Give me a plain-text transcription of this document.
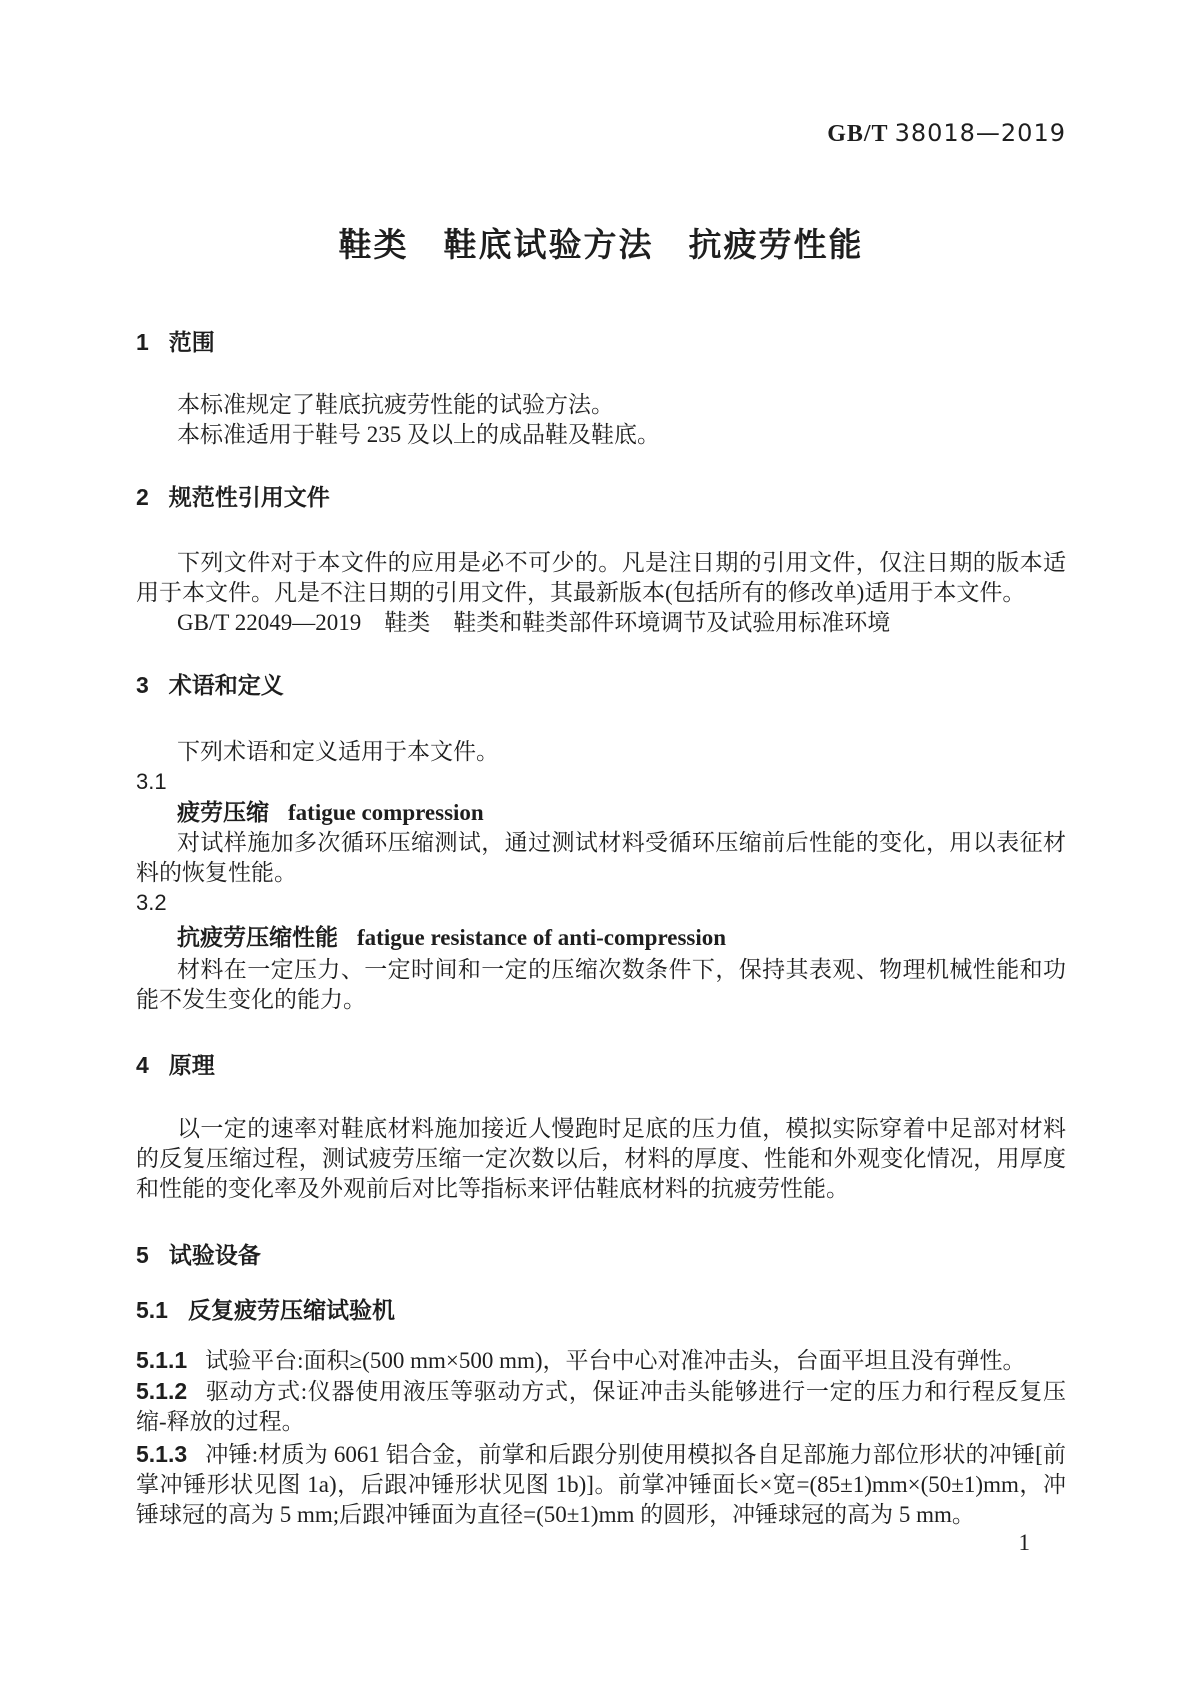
GB/T 38018—2019
鞋类　鞋底试验方法　抗疲劳性能
1 范围

本标准规定了鞋底抗疲劳性能的试验方法。

本标准适用于鞋号 235 及以上的成品鞋及鞋底。

2 规范性引用文件

下列文件对于本文件的应用是必不可少的。凡是注日期的引用文件，仅注日期的版本适用于本文件。凡是不注日期的引用文件，其最新版本(包括所有的修改单)适用于本文件。

GB/T 22049—2019　鞋类　鞋类和鞋类部件环境调节及试验用标准环境

3 术语和定义

下列术语和定义适用于本文件。

3.1
疲劳压缩 fatigue compression

对试样施加多次循环压缩测试，通过测试材料受循环压缩前后性能的变化，用以表征材料的恢复性能。

3.2
抗疲劳压缩性能 fatigue resistance of anti-compression

材料在一定压力、一定时间和一定的压缩次数条件下，保持其表观、物理机械性能和功能不发生变化的能力。

4 原理

以一定的速率对鞋底材料施加接近人慢跑时足底的压力值，模拟实际穿着中足部对材料的反复压缩过程，测试疲劳压缩一定次数以后，材料的厚度、性能和外观变化情况，用厚度和性能的变化率及外观前后对比等指标来评估鞋底材料的抗疲劳性能。

5 试验设备
5.1 反复疲劳压缩试验机

5.1.1 试验平台:面积≥(500 mm×500 mm)，平台中心对准冲击头，台面平坦且没有弹性。

5.1.2 驱动方式:仪器使用液压等驱动方式，保证冲击头能够进行一定的压力和行程反复压缩-释放的过程。

5.1.3 冲锤:材质为 6061 铝合金，前掌和后跟分别使用模拟各自足部施力部位形状的冲锤[前掌冲锤形状见图 1a)，后跟冲锤形状见图 1b)]。前掌冲锤面长×宽=(85±1)mm×(50±1)mm，冲锤球冠的高为 5 mm;后跟冲锤面为直径=(50±1)mm 的圆形，冲锤球冠的高为 5 mm。

1
